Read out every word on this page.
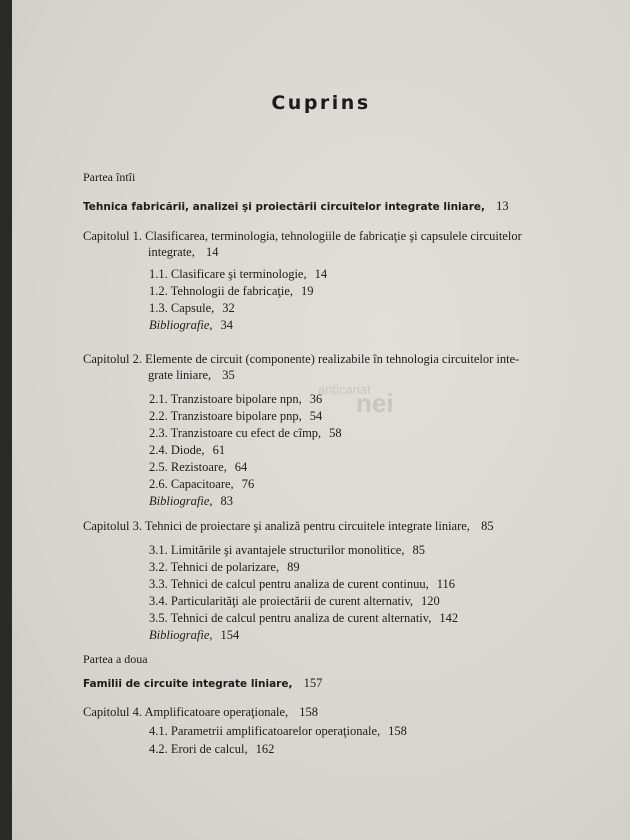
Cuprins
anticariat
nei
Partea întîi
Tehnica fabricării, analizei şi proiectării circuitelor integrate liniare, 13
Capitolul 1. Clasificarea, terminologia, tehnologiile de fabricaţie şi capsulele circuitelor
integrate, 14
1.1. Clasificare şi terminologie, 14
1.2. Tehnologii de fabricaţie, 19
1.3. Capsule, 32
Bibliografie, 34
Capitolul 2. Elemente de circuit (componente) realizabile în tehnologia circuitelor inte-
grate liniare, 35
2.1. Tranzistoare bipolare npn, 36
2.2. Tranzistoare bipolare pnp, 54
2.3. Tranzistoare cu efect de cîmp, 58
2.4. Diode, 61
2.5. Rezistoare, 64
2.6. Capacitoare, 76
Bibliografie, 83
Capitolul 3. Tehnici de proiectare şi analiză pentru circuitele integrate liniare, 85
3.1. Limitările şi avantajele structurilor monolitice, 85
3.2. Tehnici de polarizare, 89
3.3. Tehnici de calcul pentru analiza de curent continuu, 116
3.4. Particularităţi ale proiectării de curent alternativ, 120
3.5. Tehnici de calcul pentru analiza de curent alternativ, 142
Bibliografie, 154
Partea a doua
Familii de circuite integrate liniare, 157
Capitolul 4. Amplificatoare operaţionale, 158
4.1. Parametrii amplificatoarelor operaţionale, 158
4.2. Erori de calcul, 162
